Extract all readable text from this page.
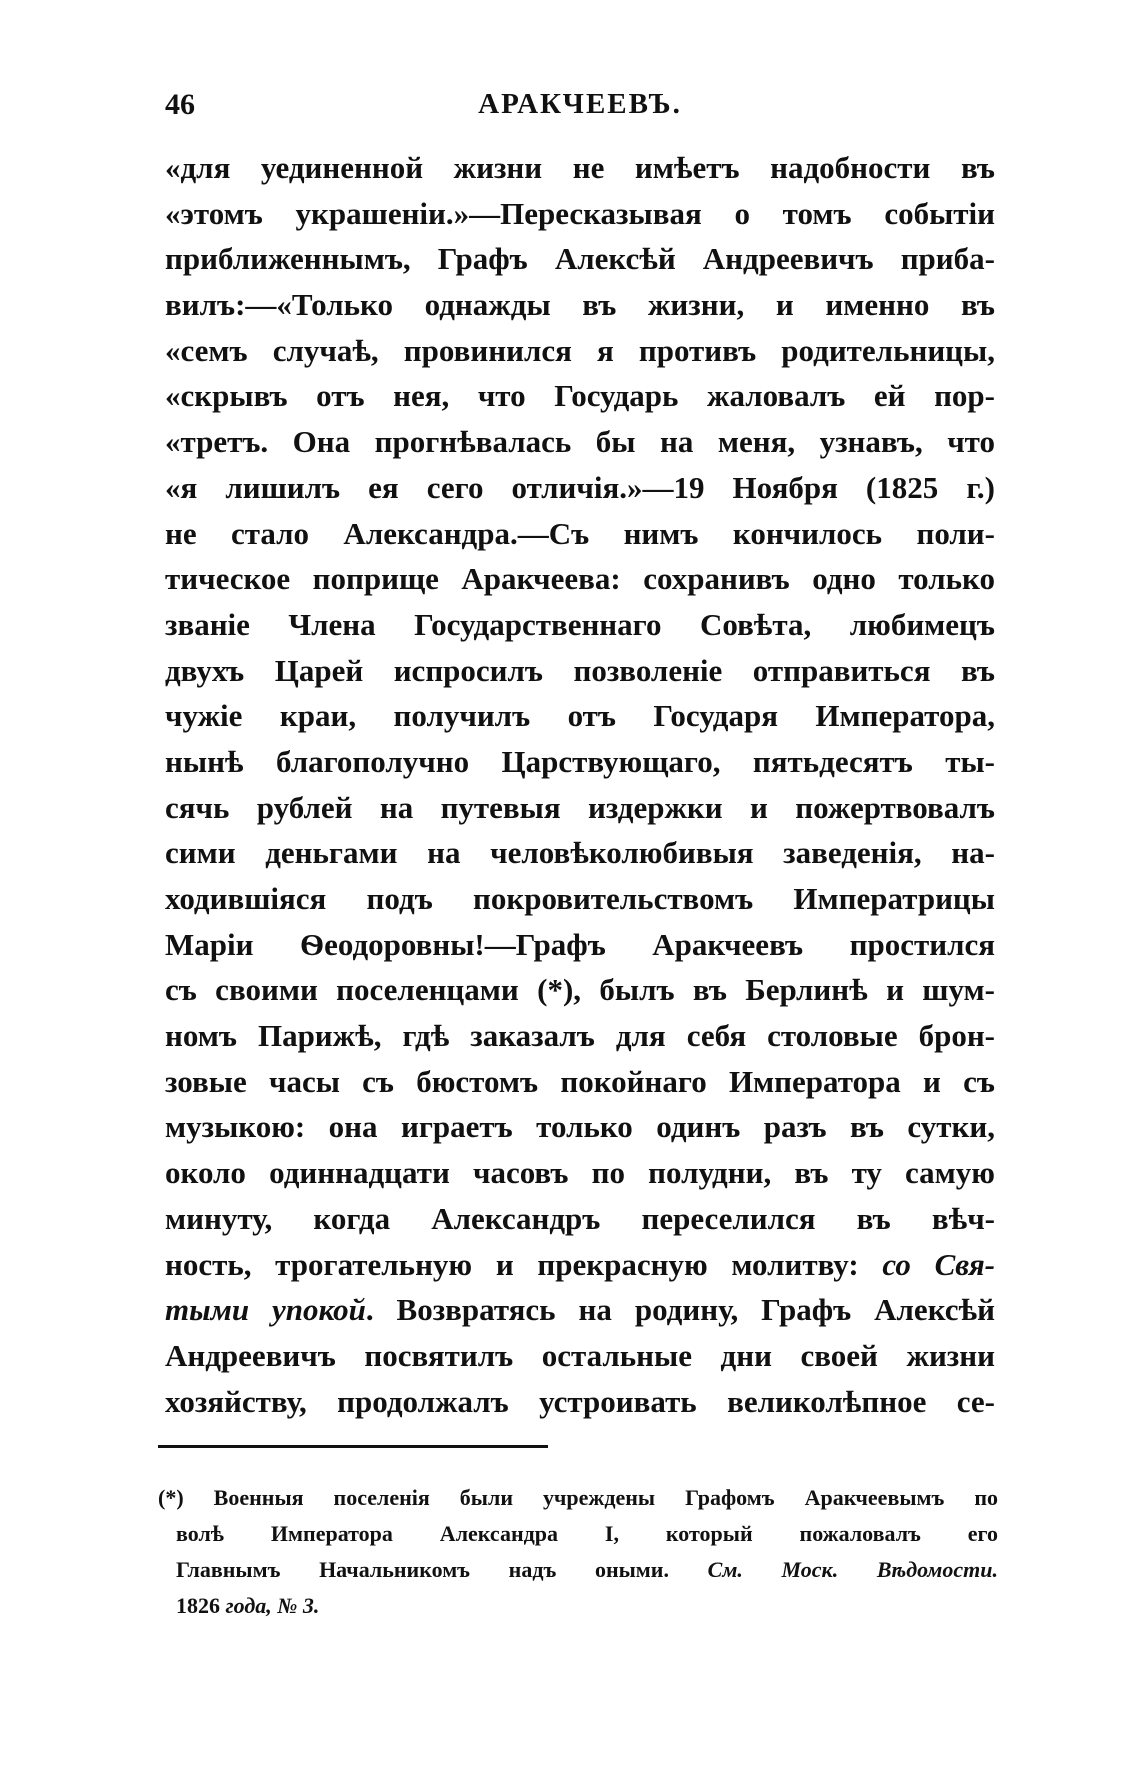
46	АРАКЧЕЕВЪ.
«для уединенной жизни не имѣетъ надобности въ
«этомъ украшеніи.»—Пересказывая о томъ событіи
приближеннымъ, Графъ Алексѣй Андреевичъ приба-
вилъ:—«Только однажды въ жизни, и именно въ
«семъ случаѣ, провинился я противъ родительницы,
«скрывъ отъ нея, что Государь жаловалъ ей пор-
«третъ. Она прогнѣвалась бы на меня, узнавъ, что
«я лишилъ ея сего отличія.»—19 Ноября (1825 г.)
не стало Александра.—Съ нимъ кончилось поли-
тическое поприще Аракчеева: сохранивъ одно только
званіе Члена Государственнаго Совѣта, любимецъ
двухъ Царей испросилъ позволеніе отправиться въ
чужіе краи, получилъ отъ Государя Императора,
нынѣ благополучно Царствующаго, пятьдесятъ ты-
сячь рублей на путевыя издержки и пожертвовалъ
сими деньгами на человѣколюбивыя заведенія, на-
ходившіяся подъ покровительствомъ Императрицы
Маріи Ѳеодоровны!—Графъ Аракчеевъ простился
съ своими поселенцами (*), былъ въ Берлинѣ и шум-
номъ Парижѣ, гдѣ заказалъ для себя столовые брон-
зовые часы съ бюстомъ покойнаго Императора и съ
музыкою: она играетъ только одинъ разъ въ сутки,
около одиннадцати часовъ по полудни, въ ту самую
минуту, когда Александръ переселился въ вѣч-
ность, трогательную и прекрасную молитву: со Свя-
тыми упокой. Возвратясь на родину, Графъ Алексѣй
Андреевичъ посвятилъ остальные дни своей жизни
хозяйству, продолжалъ устроивать великолѣпное се-
(*) Военныя поселенія были учреждены Графомъ Аракчеевымъ по
волѣ Императора Александра I, который пожаловалъ его
Главнымъ Начальникомъ надъ оными. См. Моск. Вѣдомости.
1826 года, № 3.
